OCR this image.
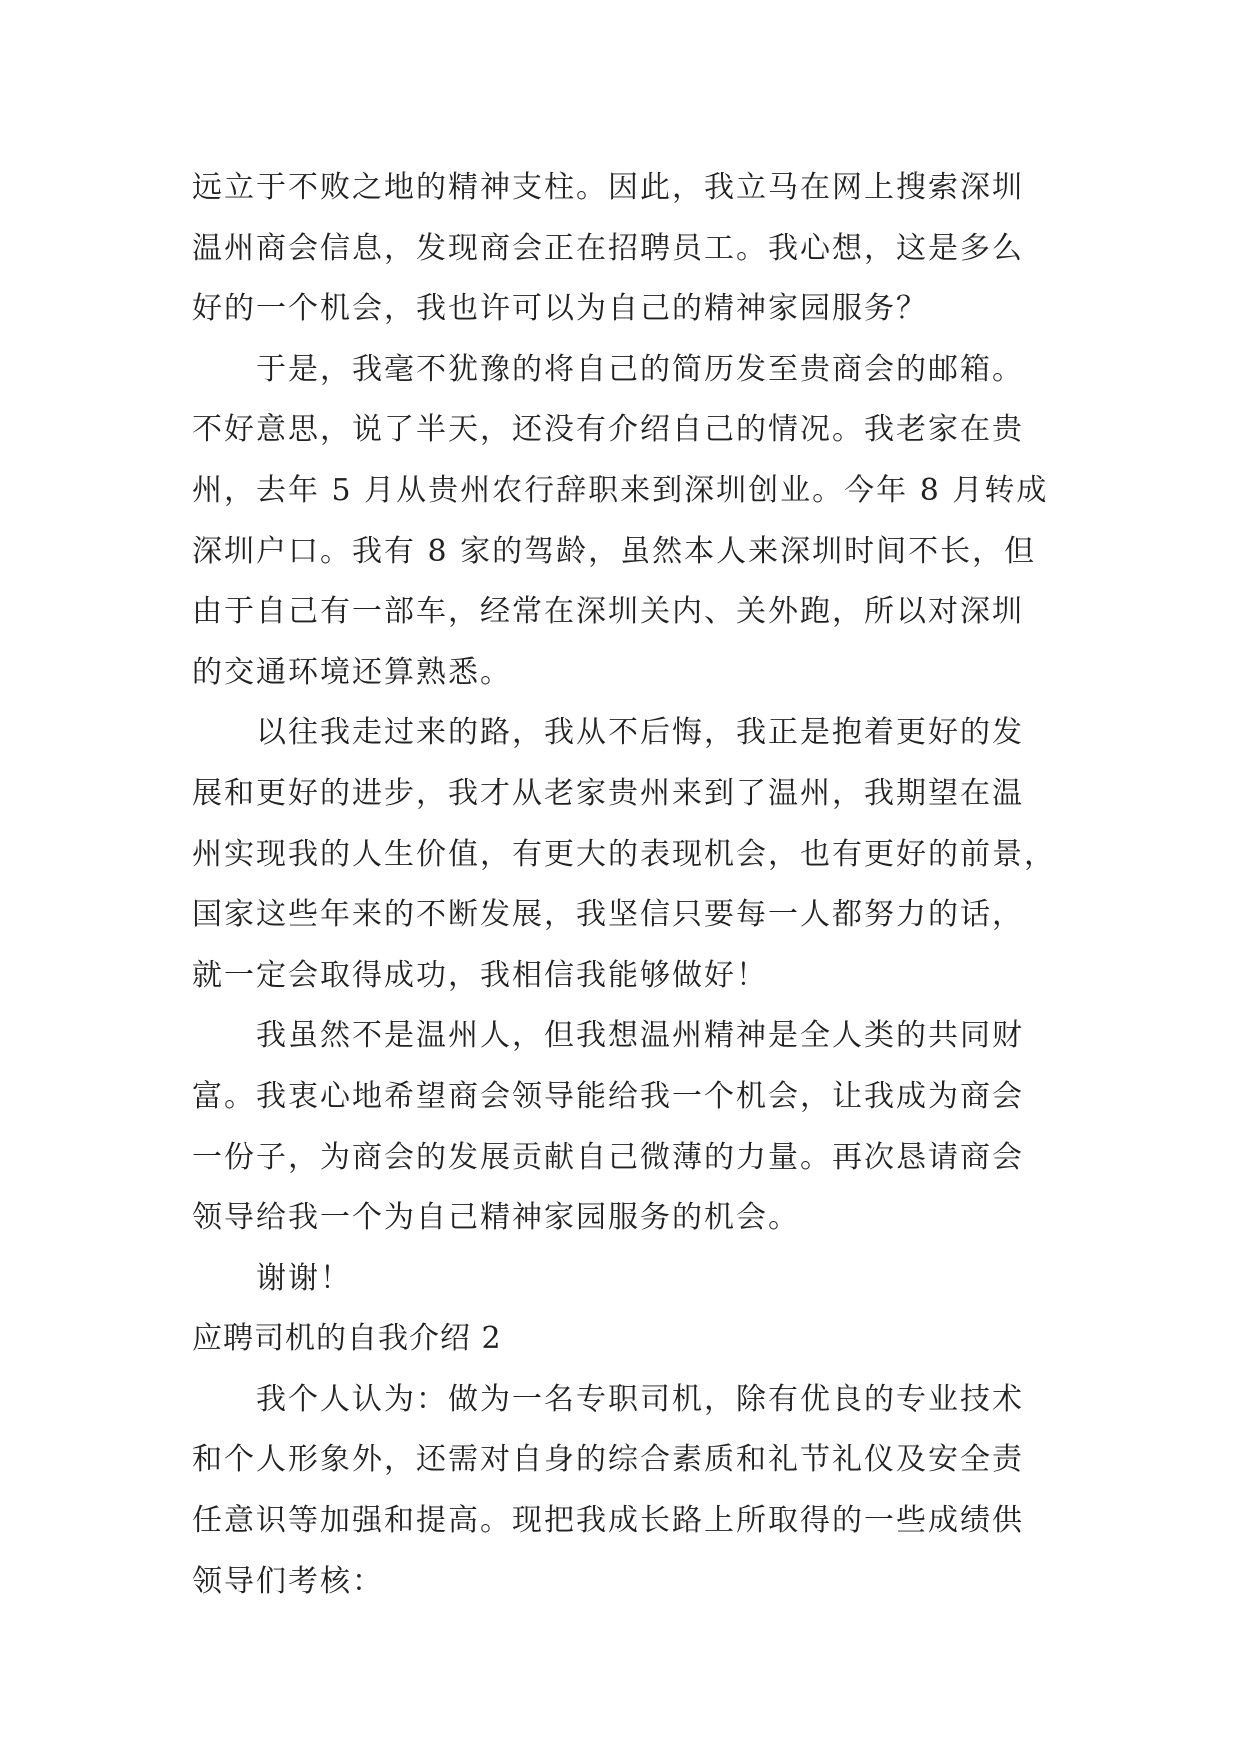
远立于不败之地的精神支柱。因此，我立马在网上搜索深圳
温州商会信息，发现商会正在招聘员工。我心想，这是多么
好的一个机会，我也许可以为自己的精神家园服务？
于是，我毫不犹豫的将自己的简历发至贵商会的邮箱。
不好意思，说了半天，还没有介绍自己的情况。我老家在贵
州，去年 5 月从贵州农行辞职来到深圳创业。今年 8 月转成
深圳户口。我有 8 家的驾龄，虽然本人来深圳时间不长，但
由于自己有一部车，经常在深圳关内、关外跑，所以对深圳
的交通环境还算熟悉。
以往我走过来的路，我从不后悔，我正是抱着更好的发
展和更好的进步，我才从老家贵州来到了温州，我期望在温
州实现我的人生价值，有更大的表现机会，也有更好的前景，
国家这些年来的不断发展，我坚信只要每一人都努力的话，
就一定会取得成功，我相信我能够做好！
我虽然不是温州人，但我想温州精神是全人类的共同财
富。我衷心地希望商会领导能给我一个机会，让我成为商会
一份子，为商会的发展贡献自己微薄的力量。再次恳请商会
领导给我一个为自己精神家园服务的机会。
谢谢！
应聘司机的自我介绍 2
我个人认为：做为一名专职司机，除有优良的专业技术
和个人形象外，还需对自身的综合素质和礼节礼仪及安全责
任意识等加强和提高。现把我成长路上所取得的一些成绩供
领导们考核：
